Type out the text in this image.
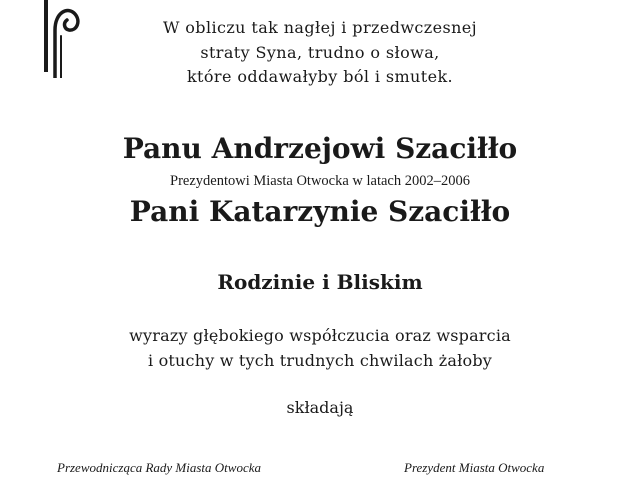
W obliczu tak nagłej i przedwczesnej
straty Syna, trudno o słowa,
które oddawałyby ból i smutek.
Panu Andrzejowi Szaciłło
Prezydentowi Miasta Otwocka w latach 2002–2006
Pani Katarzynie Szaciłło
Rodzinie i Bliskim
wyrazy głębokiego współczucia oraz wsparcia
i otuchy w tych trudnych chwilach żałoby
składają
Przewodnicząca Rady Miasta Otwocka	Prezydent Miasta Otwocka
